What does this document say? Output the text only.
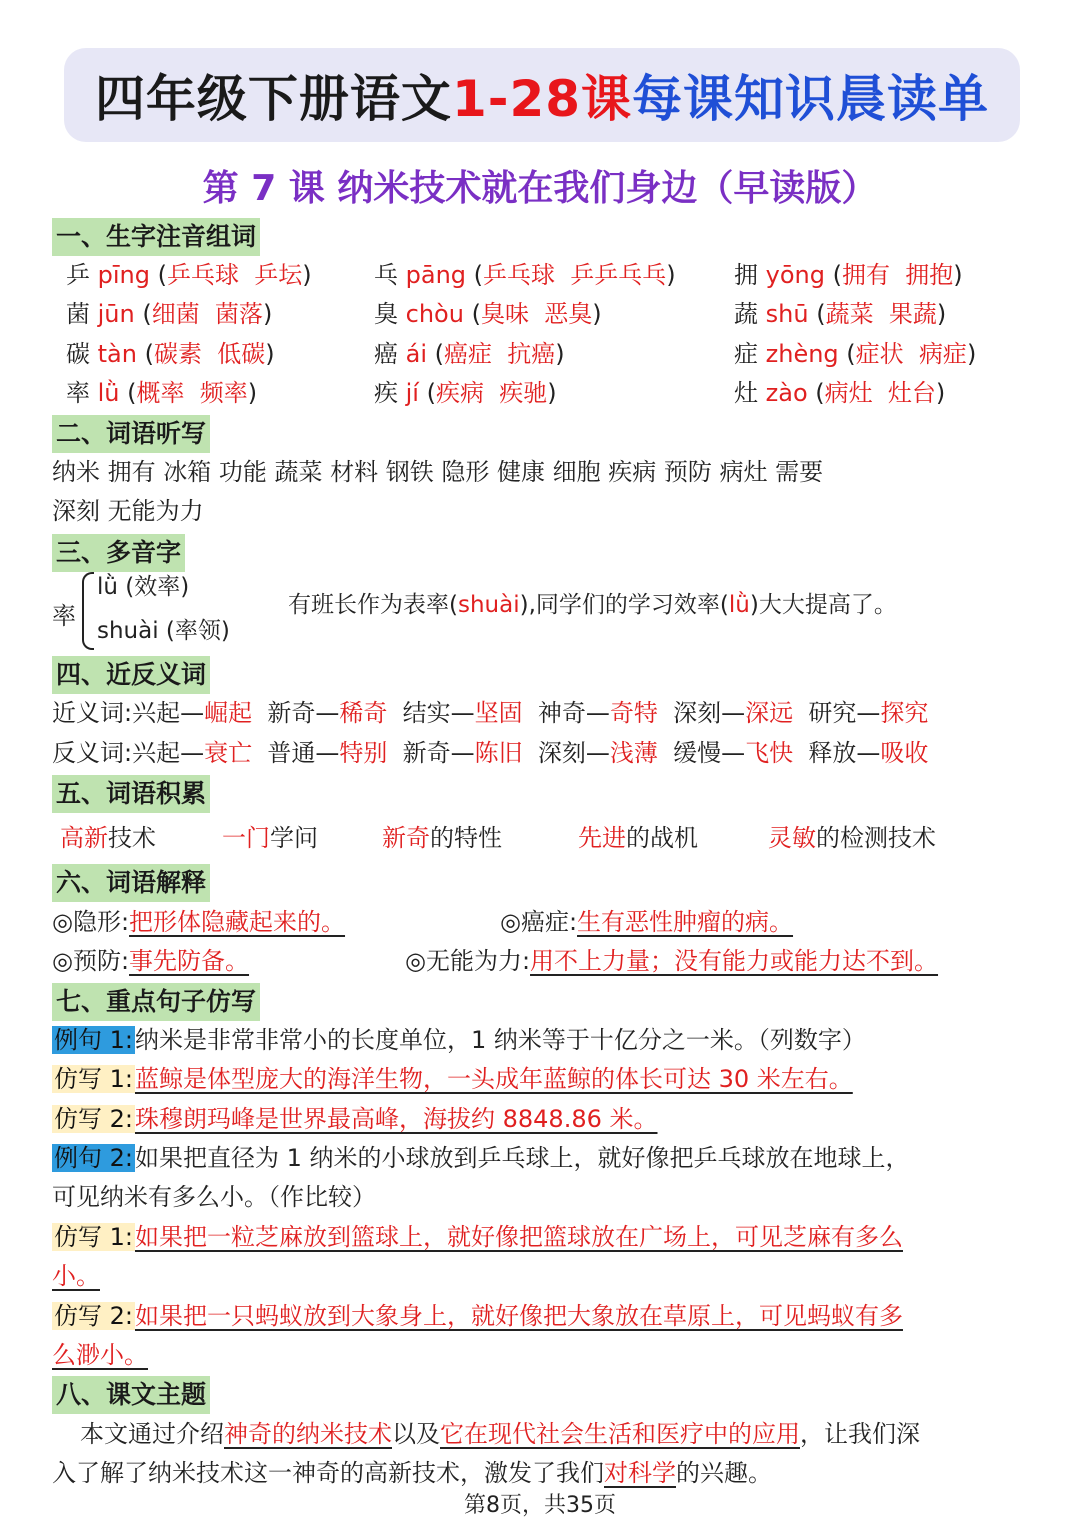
四年级下册语文 1-28课 每课知识晨读单
第 7 课 纳米技术就在我们身边（早读版）
一、生字注音组词
乒 pīng (乒乓球 乒坛)	乓 pāng (乒乓球 乒乒乓乓) 拥 yōng (拥有 拥抱)
菌 jūn (细菌 菌落)	臭 chòu (臭味 恶臭)	蔬 shū (蔬菜 果蔬)
碳 tàn (碳素 低碳)	癌 ái (癌症 抗癌)	症 zhèng (症状 病症)
率 lǜ (概率 频率)	疾 jí (疾病 疾驰)	灶 zào (病灶 灶台)
二、词语听写
纳米 拥有 冰箱 功能 蔬菜 材料 钢铁 隐形 健康 细胞 疾病 预防 病灶 需要
深刻 无能为力
三、多音字
率
lǜ (效率)
shuài (率领)
有班长作为表率(shuài),同学们的学习效率(lǜ)大大提高了。
四、近反义词
近义词:兴起—崛起 新奇—稀奇 结实—坚固 神奇—奇特 深刻—深远 研究—探究
反义词:兴起—衰亡 普通—特别 新奇—陈旧 深刻—浅薄 缓慢—飞快 释放—吸收
五、词语积累
高新技术	一门学问	新奇的特性	先进的战机	灵敏的检测技术
六、词语解释
◎隐形:把形体隐藏起来的。	◎癌症:生有恶性肿瘤的病。
◎预防:事先防备。	◎无能为力:用不上力量；没有能力或能力达不到。
七、重点句子仿写
例句 1:纳米是非常非常小的长度单位，1 纳米等于十亿分之一米。（列数字）
仿写 1:蓝鲸是体型庞大的海洋生物，一头成年蓝鲸的体长可达 30 米左右。
仿写 2:珠穆朗玛峰是世界最高峰，海拔约 8848.86 米。
例句 2:如果把直径为 1 纳米的小球放到乒乓球上，就好像把乒乓球放在地球上，
可见纳米有多么小。（作比较）
仿写 1:如果把一粒芝麻放到篮球上，就好像把篮球放在广场上，可见芝麻有多么
小。
仿写 2:如果把一只蚂蚁放到大象身上，就好像把大象放在草原上，可见蚂蚁有多
么渺小。
八、课文主题
本文通过介绍神奇的纳米技术以及它在现代社会生活和医疗中的应用，让我们深
入了解了纳米技术这一神奇的高新技术，激发了我们对科学的兴趣。
第8页，共35页
